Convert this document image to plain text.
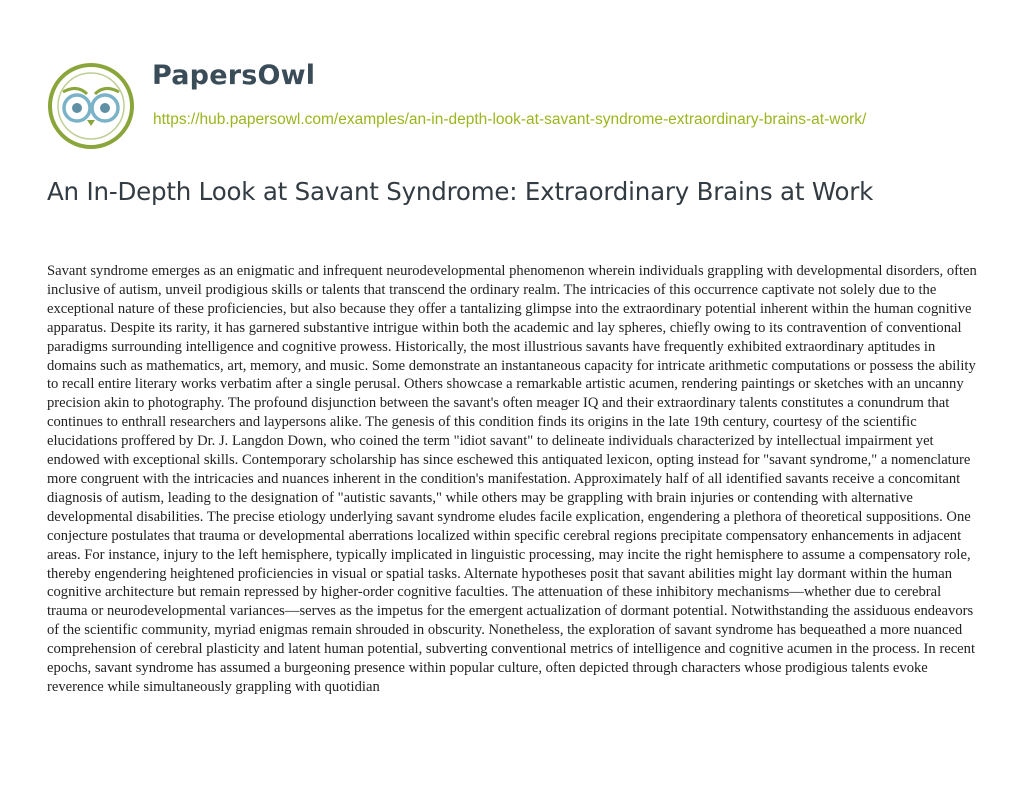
PapersOwl
https://hub.papersowl.com/examples/an-in-depth-look-at-savant-syndrome-extraordinary-brains-at-work/
An In-Depth Look at Savant Syndrome: Extraordinary Brains at Work
Savant syndrome emerges as an enigmatic and infrequent neurodevelopmental phenomenon wherein individuals grappling with developmental disorders, often inclusive of autism, unveil prodigious skills or talents that transcend the ordinary realm. The intricacies of this occurrence captivate not solely due to the exceptional nature of these proficiencies, but also because they offer a tantalizing glimpse into the extraordinary potential inherent within the human cognitive apparatus. Despite its rarity, it has garnered substantive intrigue within both the academic and lay spheres, chiefly owing to its contravention of conventional paradigms surrounding intelligence and cognitive prowess. Historically, the most illustrious savants have frequently exhibited extraordinary aptitudes in domains such as mathematics, art, memory, and music. Some demonstrate an instantaneous capacity for intricate arithmetic computations or possess the ability to recall entire literary works verbatim after a single perusal. Others showcase a remarkable artistic acumen, rendering paintings or sketches with an uncanny precision akin to photography. The profound disjunction between the savant's often meager IQ and their extraordinary talents constitutes a conundrum that continues to enthrall researchers and laypersons alike. The genesis of this condition finds its origins in the late 19th century, courtesy of the scientific elucidations proffered by Dr. J. Langdon Down, who coined the term "idiot savant" to delineate individuals characterized by intellectual impairment yet endowed with exceptional skills. Contemporary scholarship has since eschewed this antiquated lexicon, opting instead for "savant syndrome," a nomenclature more congruent with the intricacies and nuances inherent in the condition's manifestation. Approximately half of all identified savants receive a concomitant diagnosis of autism, leading to the designation of "autistic savants," while others may be grappling with brain injuries or contending with alternative developmental disabilities. The precise etiology underlying savant syndrome eludes facile explication, engendering a plethora of theoretical suppositions. One conjecture postulates that trauma or developmental aberrations localized within specific cerebral regions precipitate compensatory enhancements in adjacent areas. For instance, injury to the left hemisphere, typically implicated in linguistic processing, may incite the right hemisphere to assume a compensatory role, thereby engendering heightened proficiencies in visual or spatial tasks. Alternate hypotheses posit that savant abilities might lay dormant within the human cognitive architecture but remain repressed by higher-order cognitive faculties. The attenuation of these inhibitory mechanisms—whether due to cerebral trauma or neurodevelopmental variances—serves as the impetus for the emergent actualization of dormant potential. Notwithstanding the assiduous endeavors of the scientific community, myriad enigmas remain shrouded in obscurity. Nonetheless, the exploration of savant syndrome has bequeathed a more nuanced comprehension of cerebral plasticity and latent human potential, subverting conventional metrics of intelligence and cognitive acumen in the process. In recent epochs, savant syndrome has assumed a burgeoning presence within popular culture, often depicted through characters whose prodigious talents evoke reverence while simultaneously grappling with quotidian
